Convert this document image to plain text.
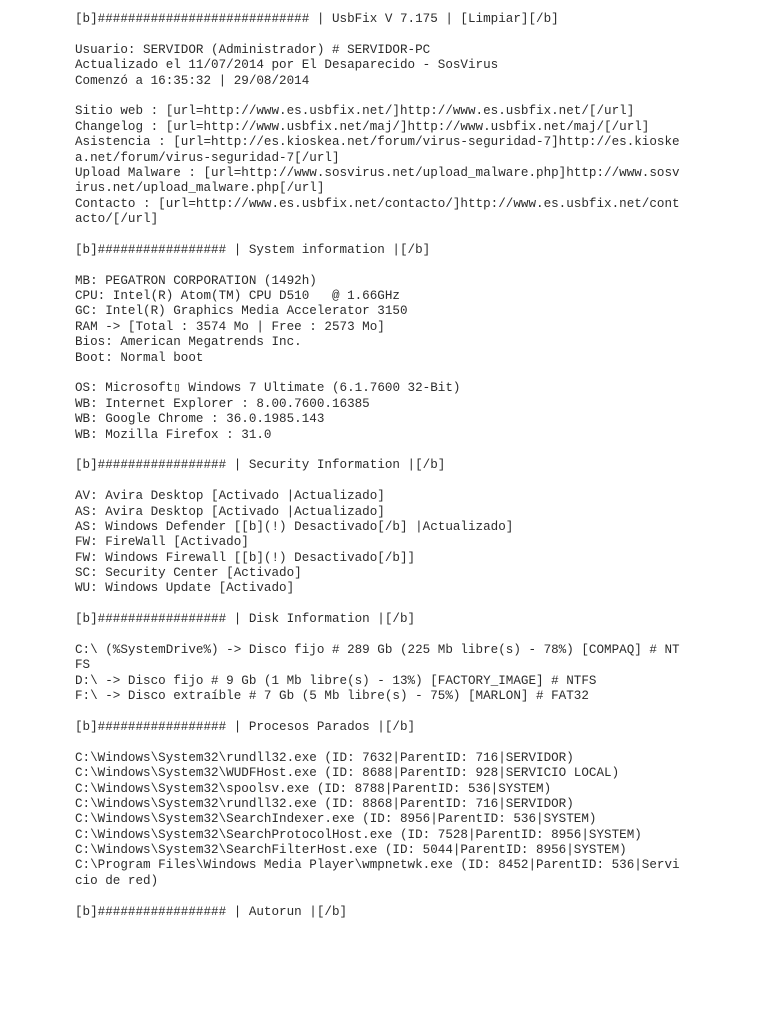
[b]############################ | UsbFix V 7.175 | [Limpiar][/b]
Usuario: SERVIDOR (Administrador) # SERVIDOR-PC
Actualizado el 11/07/2014 por El Desaparecido - SosVirus
Comenzó a 16:35:32 | 29/08/2014
Sitio web : [url=http://www.es.usbfix.net/]http://www.es.usbfix.net/[/url]
Changelog : [url=http://www.usbfix.net/maj/]http://www.usbfix.net/maj/[/url]
Asistencia : [url=http://es.kioskea.net/forum/virus-seguridad-7]http://es.kioske
a.net/forum/virus-seguridad-7[/url]
Upload Malware : [url=http://www.sosvirus.net/upload_malware.php]http://www.sosv
irus.net/upload_malware.php[/url]
Contacto : [url=http://www.es.usbfix.net/contacto/]http://www.es.usbfix.net/cont
acto/[/url]
[b]################# | System information |[/b]
MB: PEGATRON CORPORATION (1492h)
CPU: Intel(R) Atom(TM) CPU D510   @ 1.66GHz
GC: Intel(R) Graphics Media Accelerator 3150
RAM -> [Total : 3574 Mo | Free : 2573 Mo]
Bios: American Megatrends Inc.
Boot: Normal boot
OS: Microsoft▯ Windows 7 Ultimate (6.1.7600 32-Bit)
WB: Internet Explorer : 8.00.7600.16385
WB: Google Chrome : 36.0.1985.143
WB: Mozilla Firefox : 31.0
[b]################# | Security Information |[/b]
AV: Avira Desktop [Activado |Actualizado]
AS: Avira Desktop [Activado |Actualizado]
AS: Windows Defender [[b](!) Desactivado[/b] |Actualizado]
FW: FireWall [Activado]
FW: Windows Firewall [[b](!) Desactivado[/b]]
SC: Security Center [Activado]
WU: Windows Update [Activado]
[b]################# | Disk Information |[/b]
C:\ (%SystemDrive%) -> Disco fijo # 289 Gb (225 Mb libre(s) - 78%) [COMPAQ] # NT
FS
D:\ -> Disco fijo # 9 Gb (1 Mb libre(s) - 13%) [FACTORY_IMAGE] # NTFS
F:\ -> Disco extraíble # 7 Gb (5 Mb libre(s) - 75%) [MARLON] # FAT32
[b]################# | Procesos Parados |[/b]
C:\Windows\System32\rundll32.exe (ID: 7632|ParentID: 716|SERVIDOR)
C:\Windows\System32\WUDFHost.exe (ID: 8688|ParentID: 928|SERVICIO LOCAL)
C:\Windows\System32\spoolsv.exe (ID: 8788|ParentID: 536|SYSTEM)
C:\Windows\System32\rundll32.exe (ID: 8868|ParentID: 716|SERVIDOR)
C:\Windows\System32\SearchIndexer.exe (ID: 8956|ParentID: 536|SYSTEM)
C:\Windows\System32\SearchProtocolHost.exe (ID: 7528|ParentID: 8956|SYSTEM)
C:\Windows\System32\SearchFilterHost.exe (ID: 5044|ParentID: 8956|SYSTEM)
C:\Program Files\Windows Media Player\wmpnetwk.exe (ID: 8452|ParentID: 536|Servi
cio de red)
[b]################# | Autorun |[/b]
